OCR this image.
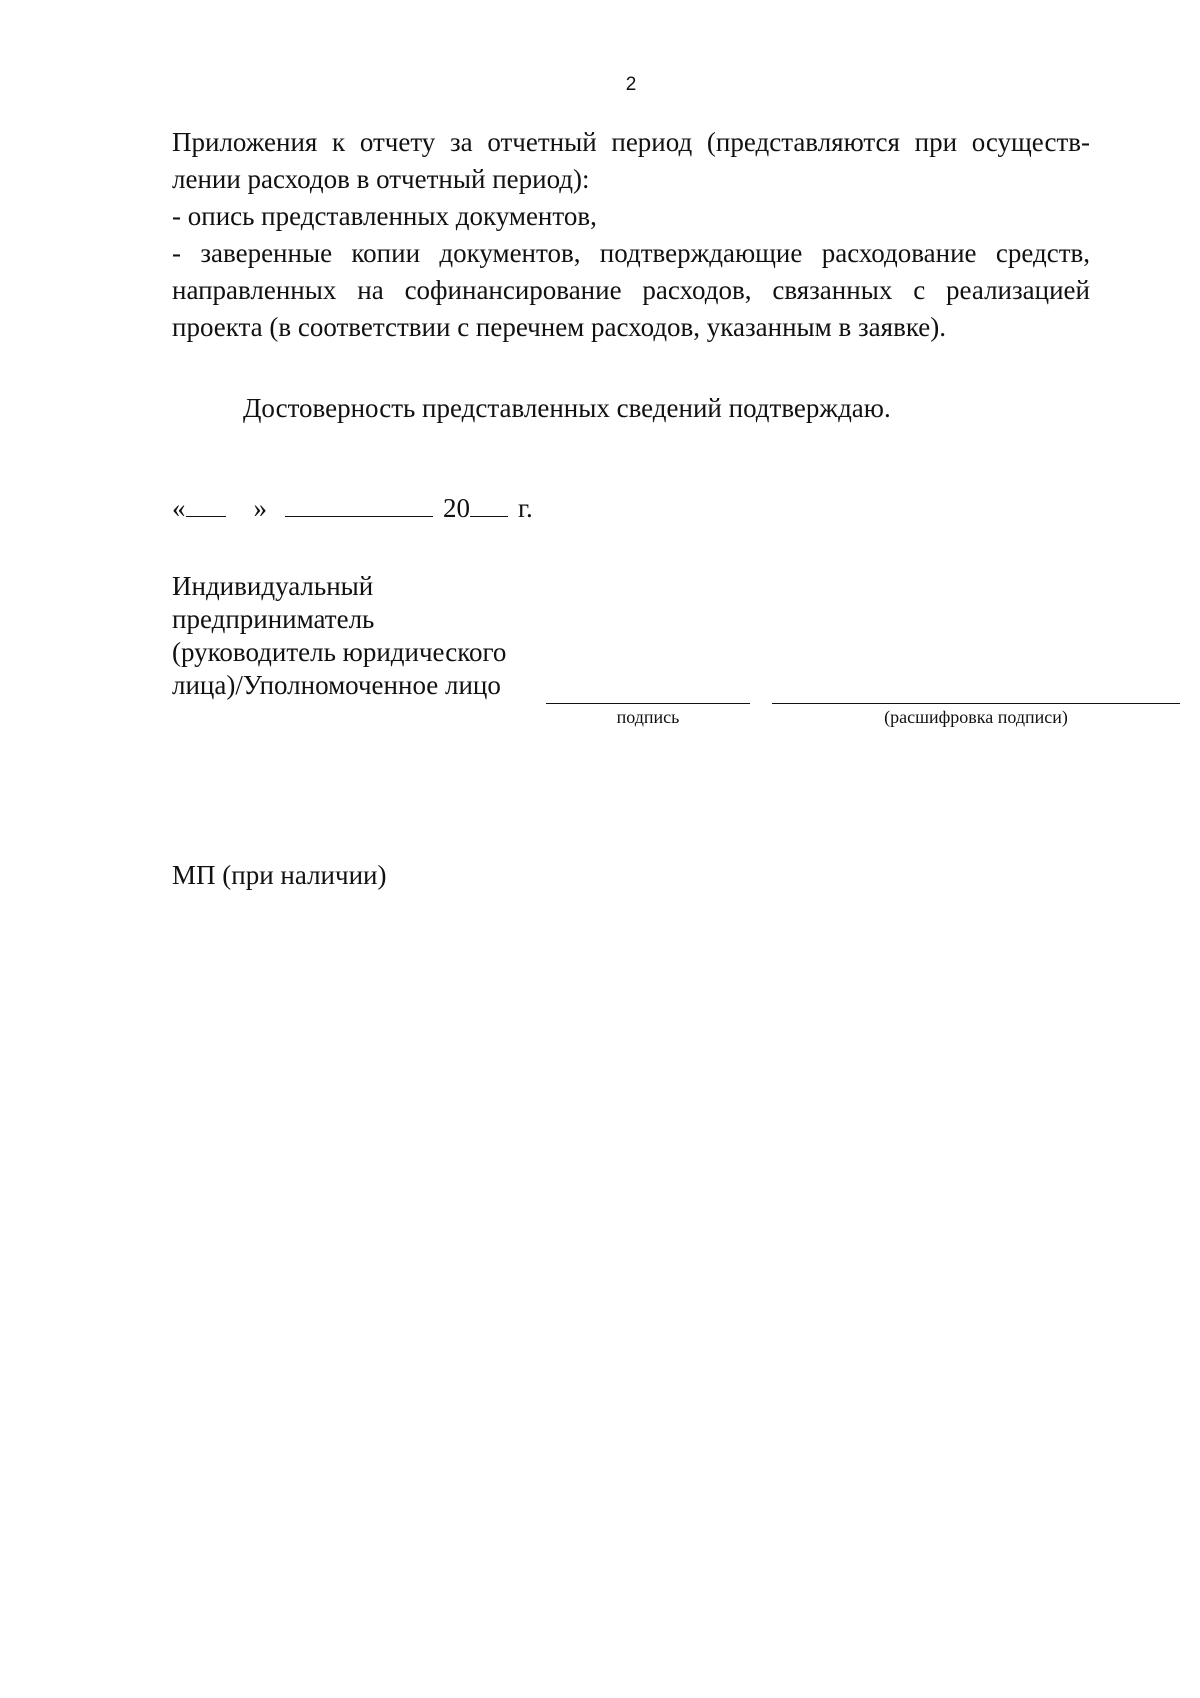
2

Приложения к отчету за отчетный период (представляются при осуществ-

лении расходов в отчетный период):

- опись представленных документов,

- заверенные копии документов, подтверждающие расходование средств,

направленных на софинансирование расходов, связанных с реализацией

проекта (в соответствии с перечнем расходов, указанным в заявке).

Достоверность представленных сведений подтверждаю.
«	»	20 г.
Индивидуальный
предприниматель
(руководитель юридического
лица)/Уполномоченное лицо
подпись	(расшифровка подписи)
МП (при наличии)
